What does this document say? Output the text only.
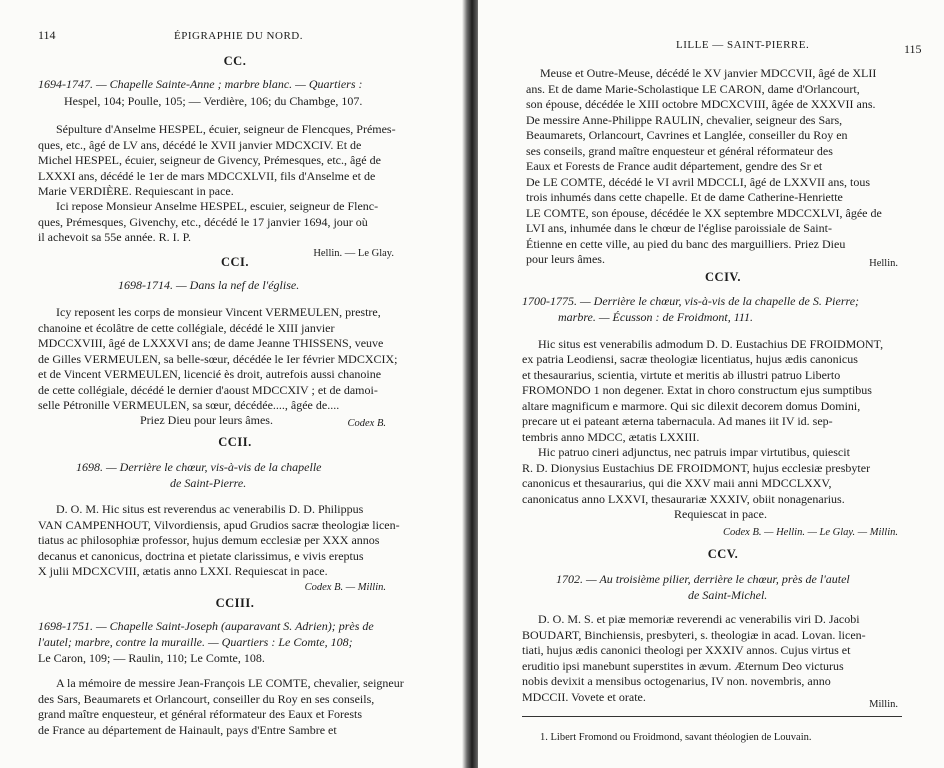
114	ÉPIGRAPHIE DU NORD.
CC.
1694-1747. — Chapelle Sainte-Anne ; marbre blanc. — Quartiers :
Hespel, 104; Poulle, 105; — Verdière, 106; du Chambge, 107.
Sépulture d'Anselme HESPEL, écuier, seigneur de Flencques, Prémes-
ques, etc., âgé de LV ans, décédé le XVII janvier MDCXCIV. Et de
Michel HESPEL, écuier, seigneur de Givency, Prémesques, etc., âgé de
LXXXI ans, décédé le 1er de mars MDCCXLVII, fils d'Anselme et de
Marie VERDIÈRE. Requiescant in pace.
Ici repose Monsieur Anselme HESPEL, escuier, seigneur de Flenc-
ques, Prémesques, Givenchy, etc., décédé le 17 janvier 1694, jour où
il achevoit sa 55e année. R. I. P.
Hellin. — Le Glay.
CCI.
1698-1714. — Dans la nef de l'église.
Icy reposent les corps de monsieur Vincent VERMEULEN, prestre,
chanoine et écolâtre de cette collégiale, décédé le XIII janvier
MDCCXVIII, âgé de LXXXVI ans; de dame Jeanne THISSENS, veuve
de Gilles VERMEULEN, sa belle-sœur, décédée le Ier février MDCXCIX;
et de Vincent VERMEULEN, licencié ès droit, autrefois aussi chanoine
de cette collégiale, décédé le dernier d'aoust MDCCXIV ; et de damoi-
selle Pétronille VERMEULEN, sa sœur, décédée...., âgée de....
Priez Dieu pour leurs âmes.	Codex B.
CCII.
1698. — Derrière le chœur, vis-à-vis de la chapelle
de Saint-Pierre.
D. O. M. Hic situs est reverendus ac venerabilis D. D. Philippus
VAN CAMPENHOUT, Vilvordiensis, apud Grudios sacræ theologiæ licen-
tiatus ac philosophiæ professor, hujus demum ecclesiæ per XXX annos
decanus et canonicus, doctrina et pietate clarissimus, e vivis ereptus
X julii MDCXCVIII, ætatis anno LXXI. Requiescat in pace.
Codex B. — Millin.
CCIII.
1698-1751. — Chapelle Saint-Joseph (auparavant S. Adrien); près de
l'autel; marbre, contre la muraille. — Quartiers : Le Comte, 108;
Le Caron, 109; — Raulin, 110; Le Comte, 108.
A la mémoire de messire Jean-François LE COMTE, chevalier, seigneur
des Sars, Beaumarets et Orlancourt, conseiller du Roy en ses conseils,
grand maître enquesteur, et général réformateur des Eaux et Forests
de France au département de Hainault, pays d'Entre Sambre et
LILLE — SAINT-PIERRE.	115
Meuse et Outre-Meuse, décédé le XV janvier MDCCVII, âgé de XLII
ans. Et de dame Marie-Scholastique LE CARON, dame d'Orlancourt,
son épouse, décédée le XIII octobre MDCXCVIII, âgée de XXXVII ans.
De messire Anne-Philippe RAULIN, chevalier, seigneur des Sars,
Beaumarets, Orlancourt, Cavrines et Langlée, conseiller du Roy en
ses conseils, grand maître enquesteur et général réformateur des
Eaux et Forests de France audit département, gendre des Sr et
De LE COMTE, décédé le VI avril MDCCLI, âgé de LXXVII ans, tous
trois inhumés dans cette chapelle. Et de dame Catherine-Henriette
LE COMTE, son épouse, décédée le XX septembre MDCCXLVI, âgée de
LVI ans, inhumée dans le chœur de l'église paroissiale de Saint-
Étienne en cette ville, au pied du banc des marguilliers. Priez Dieu
pour leurs âmes.	Hellin.
CCIV.
1700-1775. — Derrière le chœur, vis-à-vis de la chapelle de S. Pierre;
marbre. — Écusson : de Froidmont, 111.
Hic situs est venerabilis admodum D. D. Eustachius DE FROIDMONT,
ex patria Leodiensi, sacræ theologiæ licentiatus, hujus ædis canonicus
et thesaurarius, scientia, virtute et meritis ab illustri patruo Liberto
FROMONDO 1 non degener. Extat in choro constructum ejus sumptibus
altare magnificum e marmore. Qui sic dilexit decorem domus Domini,
precare ut ei pateant æterna tabernacula. Ad manes iit IV id. sep-
tembris anno MDCC, ætatis LXXIII.
Hic patruo cineri adjunctus, nec patruis impar virtutibus, quiescit
R. D. Dionysius Eustachius DE FROIDMONT, hujus ecclesiæ presbyter
canonicus et thesaurarius, qui die XXV maii anni MDCCLXXV,
canonicatus anno LXXVI, thesaurariæ XXXIV, obiit nonagenarius.
Requiescat in pace.
Codex B. — Hellin. — Le Glay. — Millin.
CCV.
1702. — Au troisième pilier, derrière le chœur, près de l'autel
de Saint-Michel.
D. O. M. S. et piæ memoriæ reverendi ac venerabilis viri D. Jacobi
BOUDART, Binchiensis, presbyteri, s. theologiæ in acad. Lovan. licen-
tiati, hujus ædis canonici theologi per XXXIV annos. Cujus virtus et
eruditio ipsi manebunt superstites in ævum. Æternum Deo victurus
nobis devixit a mensibus octogenarius, IV non. novembris, anno
MDCCII. Vovete et orate.
Millin.
1. Libert Fromond ou Froidmond, savant théologien de Louvain.
